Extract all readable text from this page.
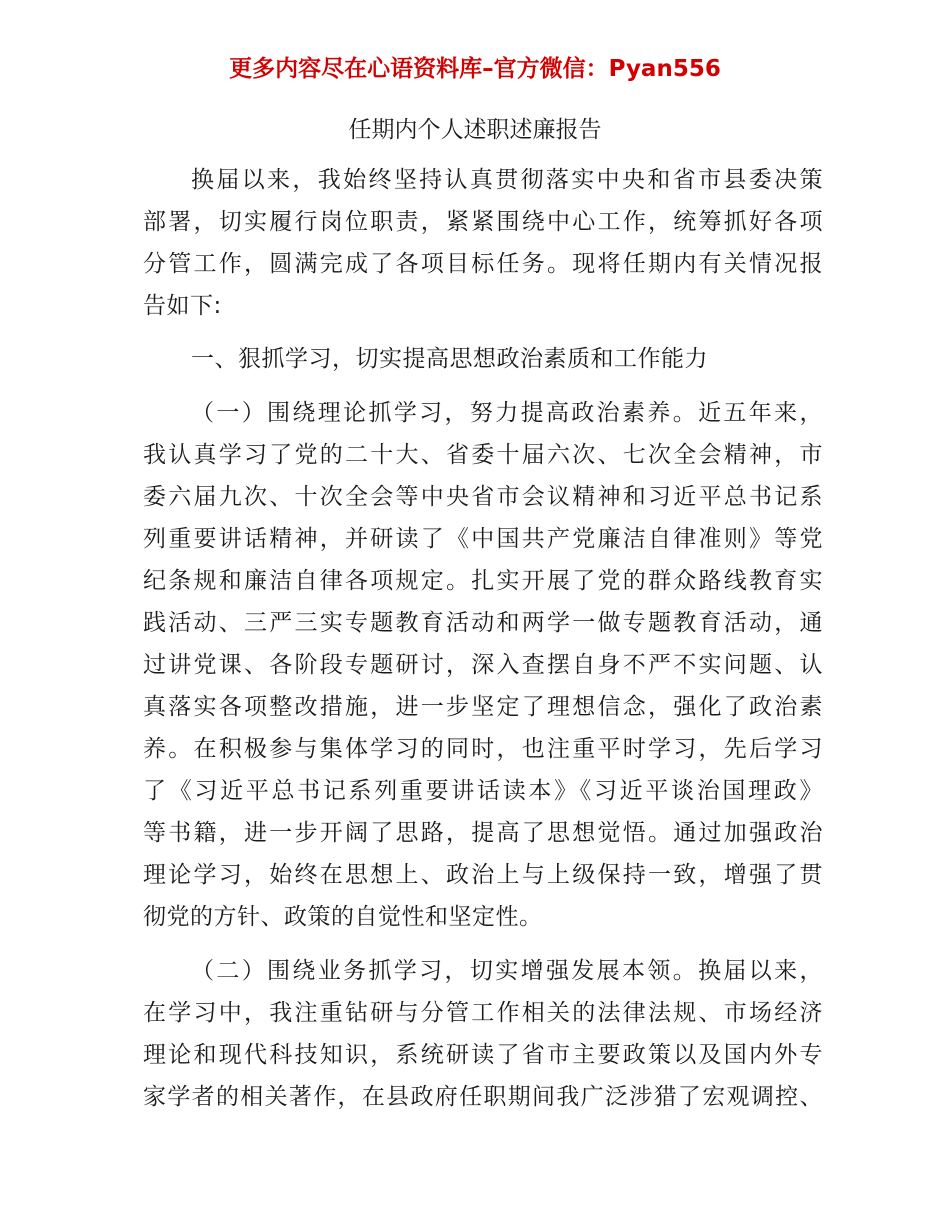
更多内容尽在心语资料库–官方微信：Pyan556
任期内个人述职述廉报告
换届以来，我始终坚持认真贯彻落实中央和省市县委决策
部署，切实履行岗位职责，紧紧围绕中心工作，统筹抓好各项
分管工作，圆满完成了各项目标任务。现将任期内有关情况报
告如下:
一、狠抓学习，切实提高思想政治素质和工作能力
（一）围绕理论抓学习，努力提高政治素养。近五年来，
我认真学习了党的二十大、省委十届六次、七次全会精神，市
委六届九次、十次全会等中央省市会议精神和习近平总书记系
列重要讲话精神，并研读了《中国共产党廉洁自律准则》等党
纪条规和廉洁自律各项规定。扎实开展了党的群众路线教育实
践活动、三严三实专题教育活动和两学一做专题教育活动，通
过讲党课、各阶段专题研讨，深入查摆自身不严不实问题、认
真落实各项整改措施，进一步坚定了理想信念，强化了政治素
养。在积极参与集体学习的同时，也注重平时学习，先后学习
了《习近平总书记系列重要讲话读本》《习近平谈治国理政》
等书籍，进一步开阔了思路，提高了思想觉悟。通过加强政治
理论学习，始终在思想上、政治上与上级保持一致，增强了贯
彻党的方针、政策的自觉性和坚定性。
（二）围绕业务抓学习，切实增强发展本领。换届以来，
在学习中，我注重钻研与分管工作相关的法律法规、市场经济
理论和现代科技知识，系统研读了省市主要政策以及国内外专
家学者的相关著作，在县政府任职期间我广泛涉猎了宏观调控、
